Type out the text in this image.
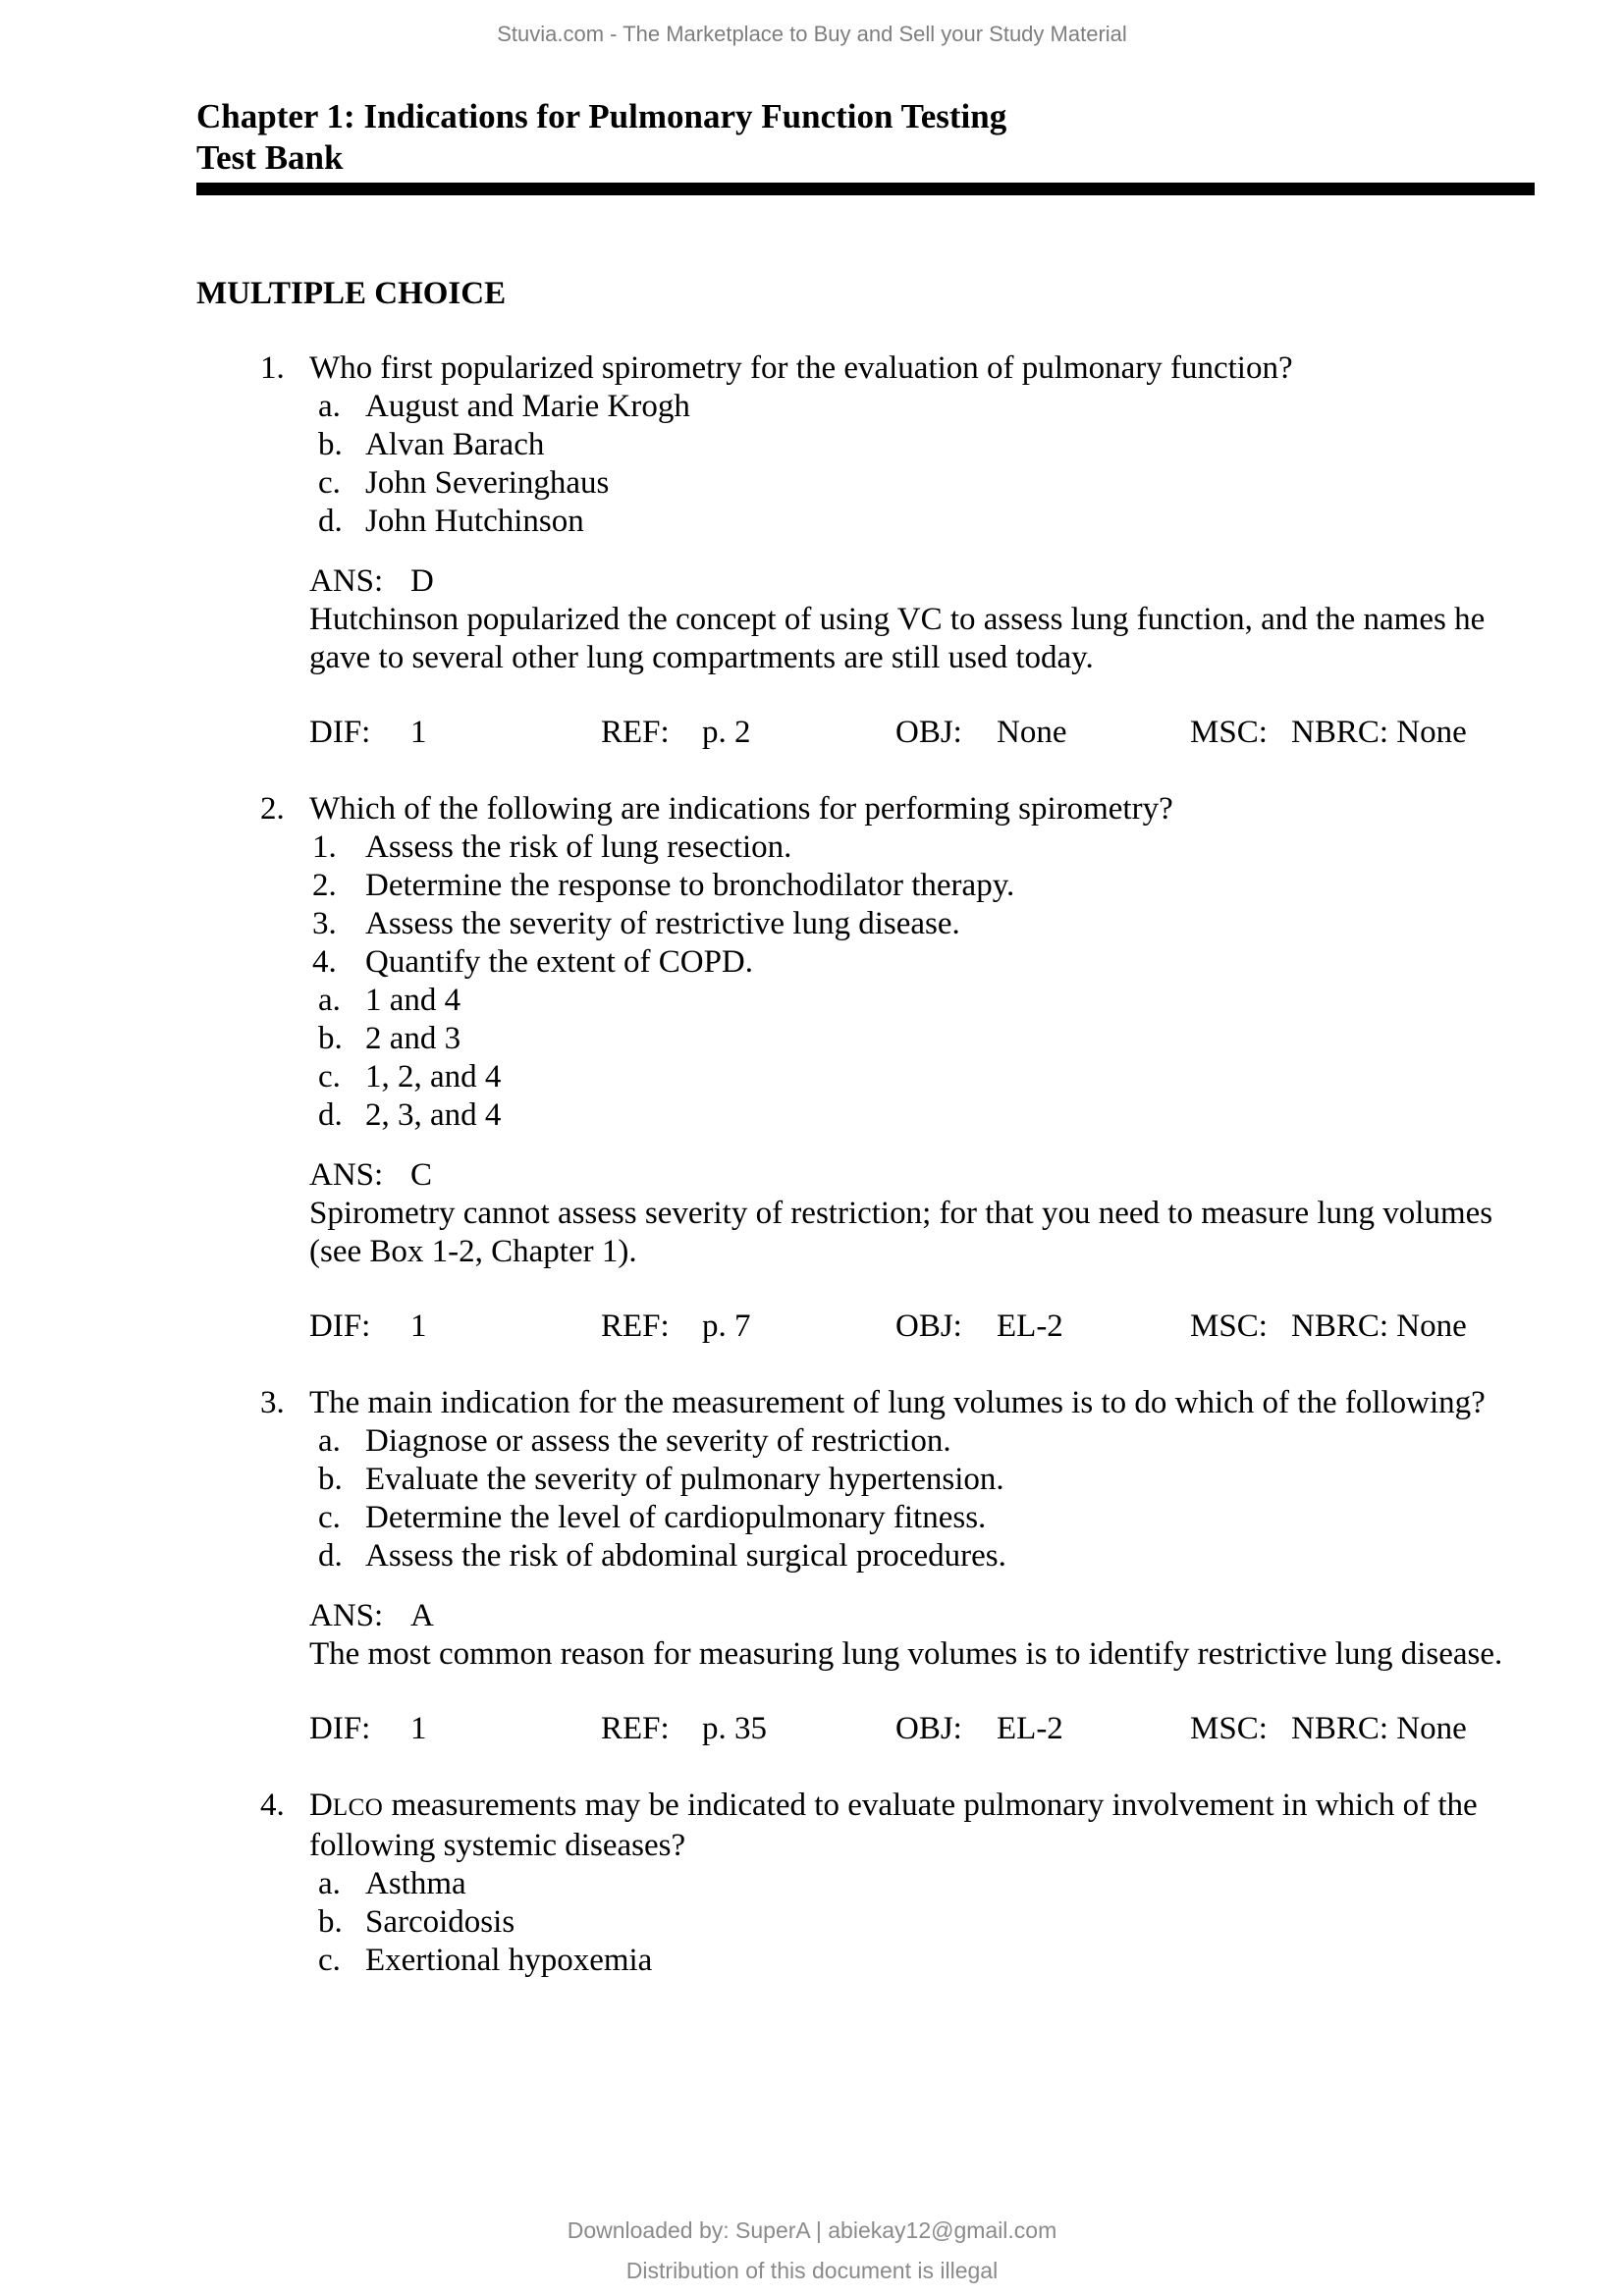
Stuvia.com - The Marketplace to Buy and Sell your Study Material
Chapter 1: Indications for Pulmonary Function Testing
Test Bank
MULTIPLE CHOICE
1. Who first popularized spirometry for the evaluation of pulmonary function?
a. August and Marie Krogh
b. Alvan Barach
c. John Severinghaus
d. John Hutchinson
ANS: D
Hutchinson popularized the concept of using VC to assess lung function, and the names he gave to several other lung compartments are still used today.
DIF: 1	REF: p. 2	OBJ: None	MSC: NBRC: None
2. Which of the following are indications for performing spirometry?
1. Assess the risk of lung resection.
2. Determine the response to bronchodilator therapy.
3. Assess the severity of restrictive lung disease.
4. Quantify the extent of COPD.
a. 1 and 4
b. 2 and 3
c. 1, 2, and 4
d. 2, 3, and 4
ANS: C
Spirometry cannot assess severity of restriction; for that you need to measure lung volumes (see Box 1-2, Chapter 1).
DIF: 1	REF: p. 7	OBJ: EL-2	MSC: NBRC: None
3. The main indication for the measurement of lung volumes is to do which of the following?
a. Diagnose or assess the severity of restriction.
b. Evaluate the severity of pulmonary hypertension.
c. Determine the level of cardiopulmonary fitness.
d. Assess the risk of abdominal surgical procedures.
ANS: A
The most common reason for measuring lung volumes is to identify restrictive lung disease.
DIF: 1	REF: p. 35	OBJ: EL-2	MSC: NBRC: None
4. DLCO measurements may be indicated to evaluate pulmonary involvement in which of the following systemic diseases?
a. Asthma
b. Sarcoidosis
c. Exertional hypoxemia
Downloaded by: SuperA | abiekay12@gmail.com
Distribution of this document is illegal
